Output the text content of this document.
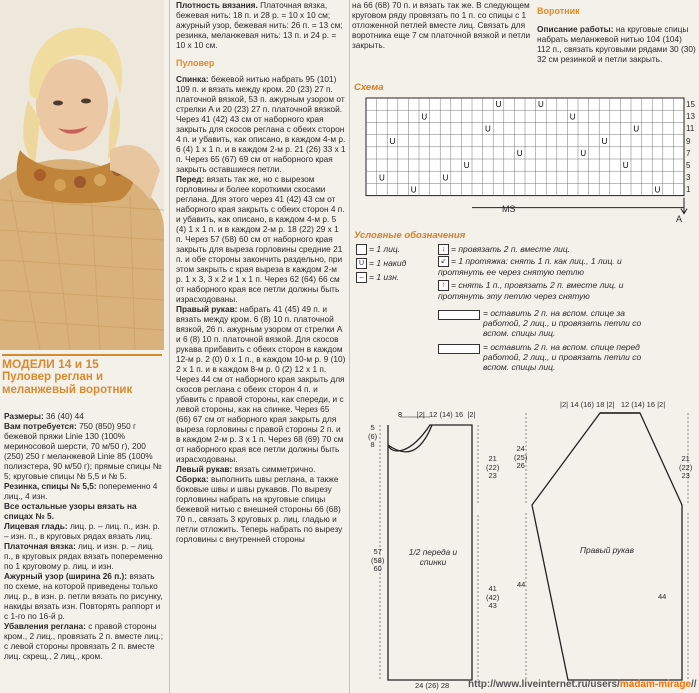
МОДЕЛИ 14 и 15
Пуловер реглан и меланжевый воротник
Размеры: 36 (40) 44
Вам потребуется: 750 (850) 950 г бежевой пряжи Linie 130 (100% мериносовой шерсти, 70 м/50 г), 200 (250) 250 г меланжевой Linie 85 (100% полиэстера, 90 м/50 г); прямые спицы № 5; круговые спицы № 5,5 и № 5.
Резинка, спицы № 5,5: попеременно 4 лиц., 4 изн.
Все остальные узоры вязать на спицах № 5.
Лицевая гладь: лиц. р. – лиц. п., изн. р. – изн. п., в круговых рядах вязать лиц.
Платочная вязка: лиц. и изн. р. – лиц. п., в круговых рядах вязать попеременно по 1 круговому р. лиц. и изн.
Ажурный узор (ширина 26 п.): вязать по схеме, на которой приведены только лиц. р., в изн. р. петли вязать по рисунку, накиды вязать изн. Повторять раппорт и с 1-го по 16-й р.
Убавления реглана: с правой стороны кром., 2 лиц., провязать 2 п. вместе лиц.; с левой стороны провязать 2 п. вместе лиц. скрещ., 2 лиц., кром.
Плотность вязания. Платочная вязка, бежевая нить: 18 п. и 28 р. = 10 х 10 см; ажурный узор, бежевая нить: 26 п. = 13 см; резинка, меланжевая нить: 13 п. и 24 р. = 10 х 10 см.
Пуловер
Спинка: бежевой нитью набрать 95 (101) 109 п. и вязать между кром. 20 (23) 27 п. платочной вязкой, 53 п. ажурным узором от стрелки A и 20 (23) 27 п. платочной вязкой. Через 41 (42) 43 см от наборного края закрыть для скосов реглана с обеих сторон 4 п. и убавить, как описано, в каждом 4-м р. 6 (4) 1 х 1 п. и в каждом 2-м р. 21 (26) 33 х 1 п. Через 65 (67) 69 см от наборного края закрыть оставшиеся петли.
Перед: вязать так же, но с вырезом горловины и более короткими скосами реглана. Для этого через 41 (42) 43 см от наборного края закрыть с обеих сторон 4 п. и убавить, как описано, в каждом 4-м р. 5 (4) 1 х 1 п. и в каждом 2-м р. 18 (22) 29 х 1 п. Через 57 (58) 60 см от наборного края закрыть для выреза горловины средние 21 п. и обе стороны закончить раздельно, при этом закрыть с края выреза в каждом 2-м р. 1 х 3, 3 х 2 и 1 х 1 п. Через 62 (64) 66 см от наборного края все петли должны быть израсходованы.
Правый рукав: набрать 41 (45) 49 п. и вязать между кром. 6 (8) 10 п. платочной вязкой, 26 п. ажурным узором от стрелки A и 6 (8) 10 п. платочной вязкой. Для скосов рукава прибавить с обеих сторон в каждом 12-м р. 2 (0) 0 х 1 п., в каждом 10-м р. 9 (10) 2 х 1 п. и в каждом 8-м р. 0 (2) 12 х 1 п. Через 44 см от наборного края закрыть для скосов реглана с обеих сторон 4 п. и убавить с правой стороны, как спереди, и с левой стороны, как на спинке. Через 65 (66) 67 см от наборного края закрыть для выреза горловины с правой стороны 2 п. и в каждом 2-м р. 3 х 1 п. Через 68 (69) 70 см от наборного края все петли должны быть израсходованы.
Левый рукав: вязать симметрично.
Сборка: выполнить швы реглана, а также боковые швы и швы рукавов. По вырезу горловины набрать на круговые спицы бежевой нитью с внешней стороны 66 (68) 70 п., связать 3 круговых р. лиц. гладью и петли отложить. Теперь набрать по вырезу горловины с внутренней стороны
на 66 (68) 70 п. и вязать так же. В следующем круговом ряду провязать по 1 п. со спицы с 1 отложенной петлей вместе лиц. Связать для воротника еще 7 см платочной вязкой и петли закрыть.
Воротник
Описание работы: на круговые спицы набрать меланжевой нитью 104 (104) 112 п., связать круговыми рядами 30 (30) 32 см резинкой и петли закрыть.
Схема
U
U
U
U
U
U
U
U
U
U
U
U
U
U
U
U
MS
A
15
13
11
9
7
5
3
1
Условные обозначения
= 1 лиц.
U = 1 накид
– = 1 изн.
↓ = провязать 2 п. вместе лиц.
↙ = 1 протяжка: снять 1 п. как лиц., 1 лиц. и протянуть ее через снятую петлю
↑ = снять 1 п., провязать 2 п. вместе лиц. и протянуть эту петлю через снятую
= оставить 2 п. на вспом. спице за работой, 2 лиц., и провязать петли со вспом. спицы лиц.
= оставить 2 п. на вспом. спице перед работой, 2 лиц., и провязать петли со вспом. спицы лиц.
1/2 переда и спинки
Правый рукав
8 |2| 12 (14) 16 |2|
5
(6)
8
57
(58)
60
21
(22)
23
41
(42)
43
24 (26) 28
|2| 14 (16) 18 |2| 12 (14) 16 |2|
24
(25)
26
44
21
(22)
23
44
http://www.liveinternet.ru/users/madam-mirage//
